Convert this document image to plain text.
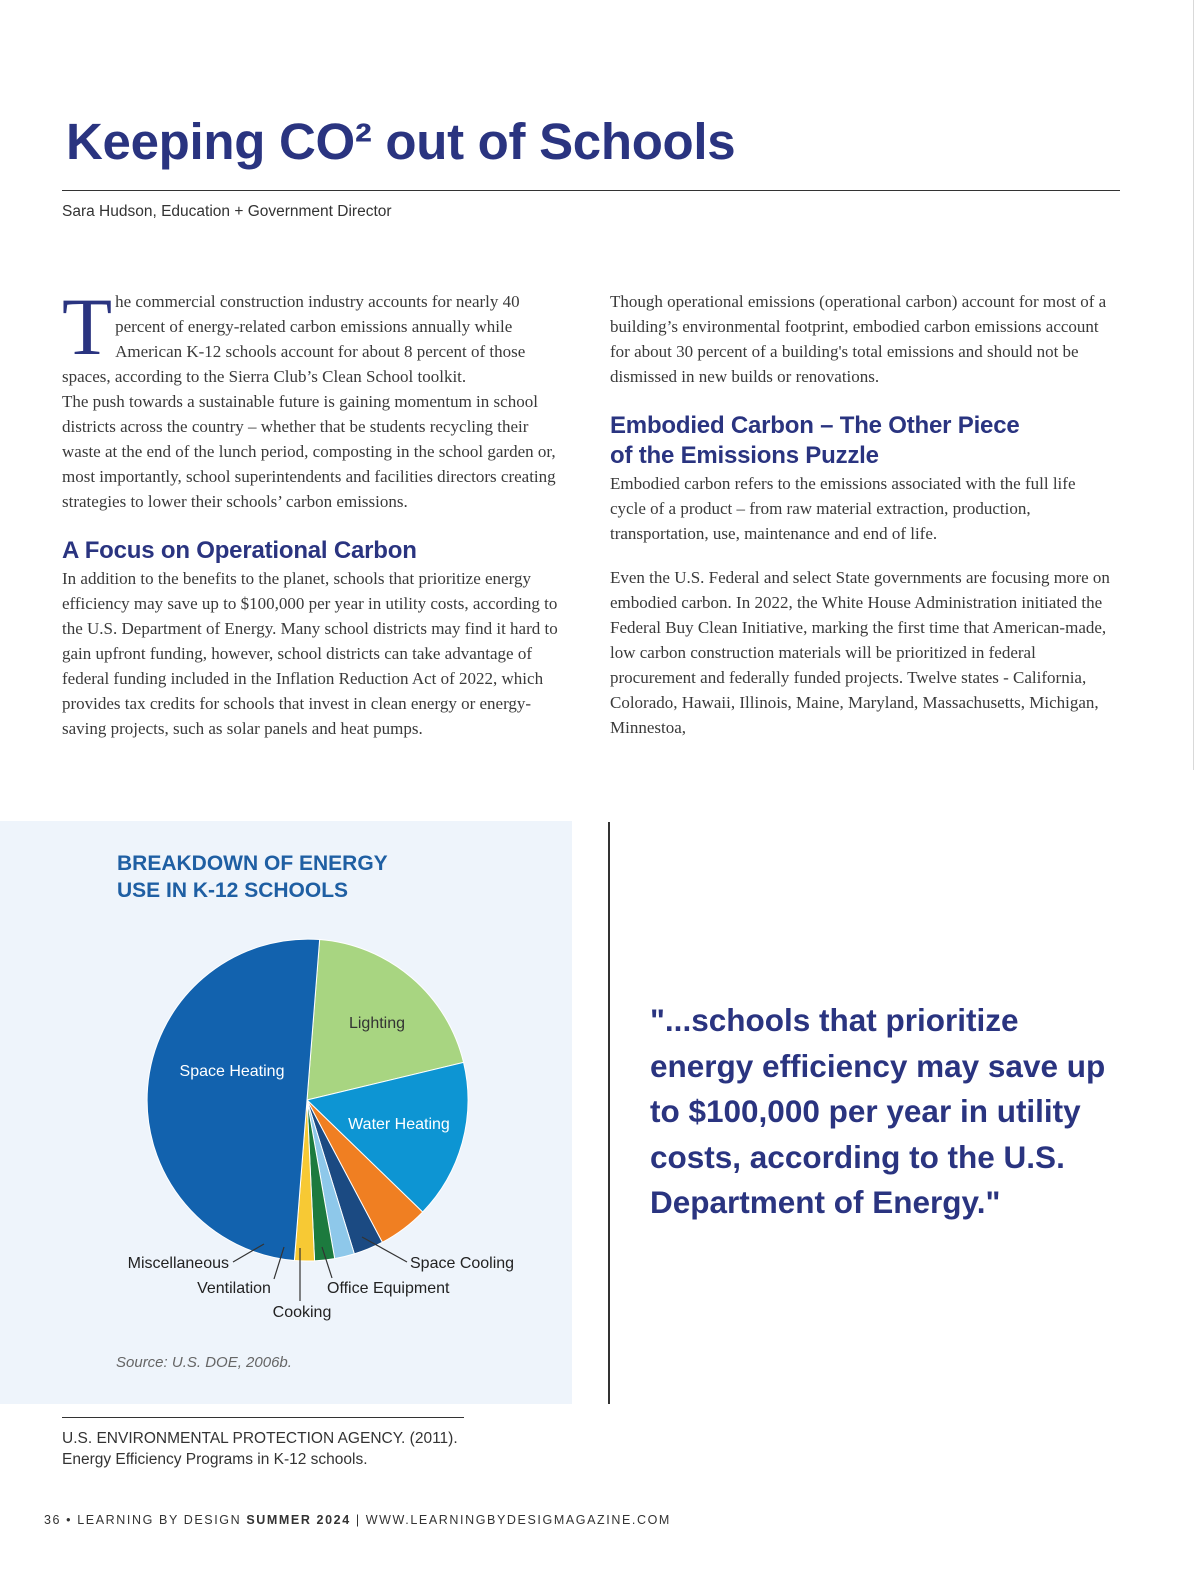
Keeping CO² out of Schools
Sara Hudson, Education + Government Director

The commercial construction industry accounts for nearly 40 percent of energy-related carbon emissions annually while American K-12 schools account for about 8 percent of those spaces, according to the Sierra Club’s Clean School toolkit.

The push towards a sustainable future is gaining momentum in school districts across the country – whether that be students recycling their waste at the end of the lunch period, composting in the school garden or, most importantly, school superintendents and facilities directors creating strategies to lower their schools’ carbon emissions.

A Focus on Operational Carbon

In addition to the benefits to the planet, schools that prioritize energy efficiency may save up to $100,000 per year in utility costs, according to the U.S. Department of Energy. Many school districts may find it hard to gain upfront funding, however, school districts can take advantage of federal funding included in the Inflation Reduction Act of 2022, which provides tax credits for schools that invest in clean energy or energy-saving projects, such as solar panels and heat pumps.

Though operational emissions (operational carbon) account for most of a building’s environmental footprint, embodied carbon emissions account for about 30 percent of a building's total emissions and should not be dismissed in new builds or renovations.

Embodied Carbon – The Other Piece
of the Emissions Puzzle

Embodied carbon refers to the emissions associated with the full life cycle of a product – from raw material extraction, production, transportation, use, maintenance and end of life.

Even the U.S. Federal and select State governments are focusing more on embodied carbon. In 2022, the White House Administration initiated the Federal Buy Clean Initiative, marking the first time that American-made, low carbon construction materials will be prioritized in federal procurement and federally funded projects. Twelve states - California, Colorado, Hawaii, Illinois, Maine, Maryland, Massachusetts, Michigan, Minnestoa,

BREAKDOWN OF ENERGY
USE IN K-12 SCHOOLS
Lighting
Water Heating
Space Cooling
Office Equipment
Cooking
Ventilation
Miscellaneous
Space Heating
Source: U.S. DOE, 2006b.

"...schools that prioritize energy efficiency may save up to $100,000 per year in utility costs, according to the U.S. Department of Energy."

U.S. ENVIRONMENTAL PROTECTION AGENCY. (2011).
Energy Efficiency Programs in K-12 schools.
36 • LEARNING BY DESIGN SUMMER 2024 | WWW.LEARNINGBYDESIGMAGAZINE.COM
